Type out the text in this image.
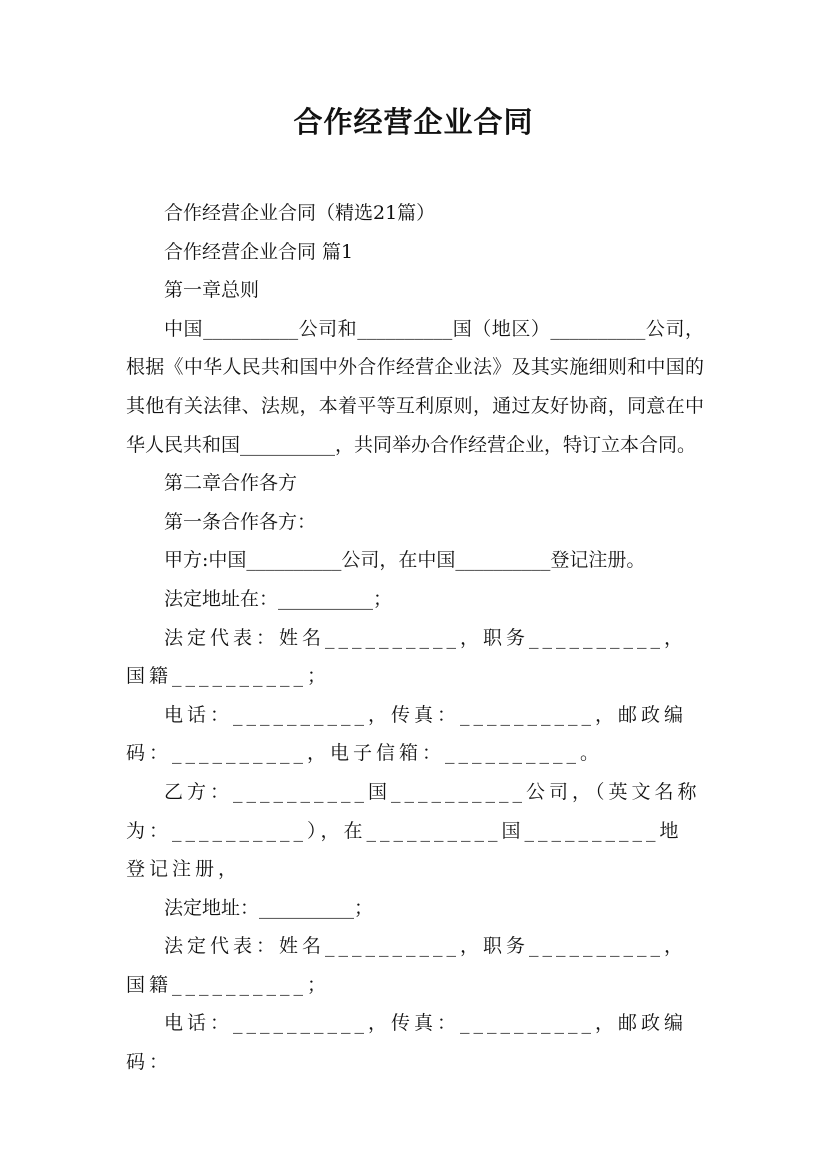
合作经营企业合同

合作经营企业合同（精选21篇）

合作经营企业合同 篇1

第一章总则

中国__________公司和__________国（地区）__________公司，根据《中华人民共和国中外合作经营企业法》及其实施细则和中国的其他有关法律、法规，本着平等互利原则，通过友好协商，同意在中华人民共和国__________，共同举办合作经营企业，特订立本合同。

第二章合作各方

第一条合作各方：

甲方:中国__________公司，在中国__________登记注册。

法定地址在：__________；

法定代表：姓名__________，职务__________，国籍__________；

电话：__________，传真：__________，邮政编码：__________，电子信箱：__________。

乙方：__________国__________公司，（英文名称为：__________），在__________国__________地登记注册，

法定地址：__________；

法定代表：姓名__________，职务__________，国籍__________；

电话：__________，传真：__________，邮政编码：
